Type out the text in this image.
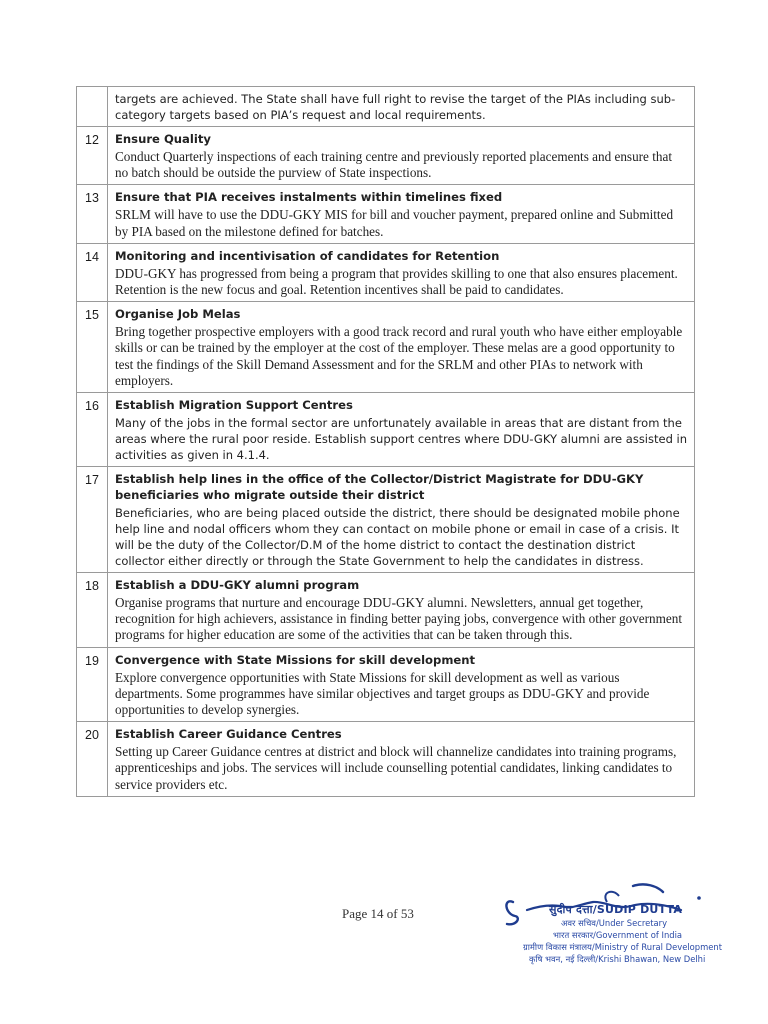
	targets are achieved. The State shall have full right to revise the target of the PIAs including sub-category targets based on PIA’s request and local requirements.

12	Ensure Quality
Conduct Quarterly inspections of each training centre and previously reported placements and ensure that no batch should be outside the purview of State inspections.

13	Ensure that PIA receives instalments within timelines fixed
SRLM will have to use the DDU-GKY MIS for bill and voucher payment, prepared online and Submitted by PIA based on the milestone defined for batches.

14	Monitoring and incentivisation of candidates for Retention
DDU-GKY has progressed from being a program that provides skilling to one that also ensures placement. Retention is the new focus and goal. Retention incentives shall be paid to candidates.

15	Organise Job Melas
Bring together prospective employers with a good track record and rural youth who have either employable skills or can be trained by the employer at the cost of the employer. These melas are a good opportunity to test the findings of the Skill Demand Assessment and for the SRLM and other PIAs to network with employers.

16	Establish Migration Support Centres
Many of the jobs in the formal sector are unfortunately available in areas that are distant from the areas where the rural poor reside. Establish support centres where DDU-GKY alumni are assisted in activities as given in 4.1.4.

17	Establish help lines in the office of the Collector/District Magistrate for DDU-GKY beneficiaries who migrate outside their district
Beneficiaries, who are being placed outside the district, there should be designated mobile phone help line and nodal officers whom they can contact on mobile phone or email in case of a crisis. It will be the duty of the Collector/D.M of the home district to contact the destination district collector either directly or through the State Government to help the candidates in distress.

18	Establish a DDU-GKY alumni program
Organise programs that nurture and encourage DDU-GKY alumni. Newsletters, annual get together, recognition for high achievers, assistance in finding better paying jobs, convergence with other government programs for higher education are some of the activities that can be taken through this.

19	Convergence with State Missions for skill development
Explore convergence opportunities with State Missions for skill development as well as various departments. Some programmes have similar objectives and target groups as DDU-GKY and provide opportunities to develop synergies.

20	Establish Career Guidance Centres
Setting up Career Guidance centres at district and block will channelize candidates into training programs, apprenticeships and jobs. The services will include counselling potential candidates, linking candidates to service providers etc.
Page 14 of 53	सुदीप दत्ता/SUDIP DUTTA
अवर सचिव/Under Secretary
भारत सरकार/Government of India
ग्रामीण विकास मंत्रालय/Ministry of Rural Development
कृषि भवन, नई दिल्ली/Krishi Bhawan, New Delhi
